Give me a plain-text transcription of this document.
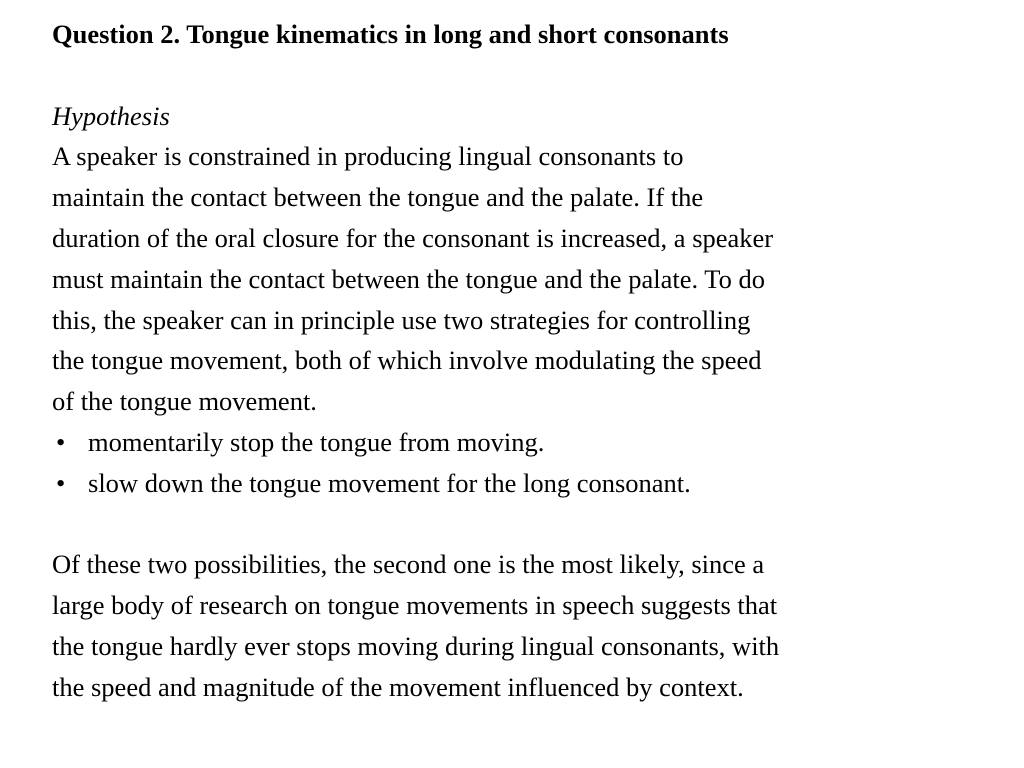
Question 2. Tongue kinematics in long and short consonants
Hypothesis
A speaker is constrained in producing lingual consonants to
maintain the contact between the tongue and the palate. If the
duration of the oral closure for the consonant is increased, a speaker
must maintain the contact between the tongue and the palate. To do
this, the speaker can in principle use two strategies for controlling
the tongue movement, both of which involve modulating the speed
of the tongue movement.
• momentarily stop the tongue from moving.
• slow down the tongue movement for the long consonant.
Of these two possibilities, the second one is the most likely, since a
large body of research on tongue movements in speech suggests that
the tongue hardly ever stops moving during lingual consonants, with
the speed and magnitude of the movement influenced by context.
